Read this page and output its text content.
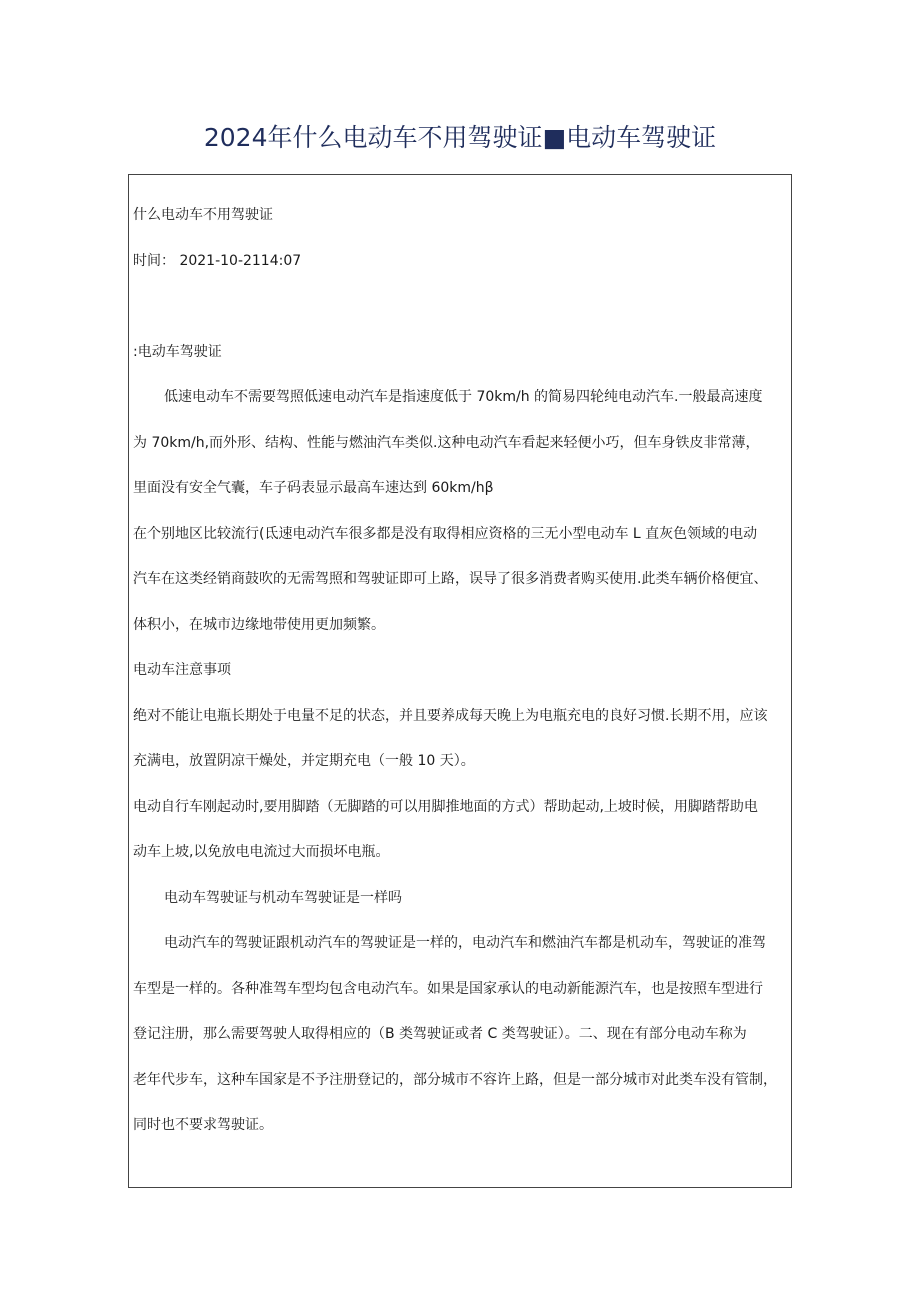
2024年什么电动车不用驾驶证■电动车驾驶证
什么电动车不用驾驶证
时间： 2021-10-2114:07
:电动车驾驶证
低速电动车不需要驾照低速电动汽车是指速度低于 70km/h 的简易四轮纯电动汽车.一般最高速度
为 70km/h,而外形、结构、性能与燃油汽车类似.这种电动汽车看起来轻便小巧，但车身铁皮非常薄，
里面没有安全气囊，车子码表显示最高车速达到 60km/hβ
在个别地区比较流行(氐速电动汽车很多都是没有取得相应资格的三无小型电动车 L 直灰色领域的电动
汽车在这类经销商鼓吹的无需驾照和驾驶证即可上路，误导了很多消费者购买使用.此类车辆价格便宜、
体积小，在城市边缘地带使用更加频繁。
电动车注意事项
绝对不能让电瓶长期处于电量不足的状态，并且要养成每天晚上为电瓶充电的良好习惯.长期不用，应该
充满电，放置阴凉干燥处，并定期充电（一般 10 天）。
电动自行车刚起动时,要用脚踏（无脚踏的可以用脚推地面的方式）帮助起动,上坡时候，用脚踏帮助电
动车上坡,以免放电电流过大而损坏电瓶。
电动车驾驶证与机动车驾驶证是一样吗
电动汽车的驾驶证跟机动汽车的驾驶证是一样的，电动汽车和燃油汽车都是机动车，驾驶证的准驾
车型是一样的。各种准驾车型均包含电动汽车。如果是国家承认的电动新能源汽车，也是按照车型进行
登记注册，那么需要驾驶人取得相应的（B 类驾驶证或者 C 类驾驶证）。二、现在有部分电动车称为
老年代步车，这种车国家是不予注册登记的，部分城市不容许上路，但是一部分城市对此类车没有管制，
同时也不要求驾驶证。
